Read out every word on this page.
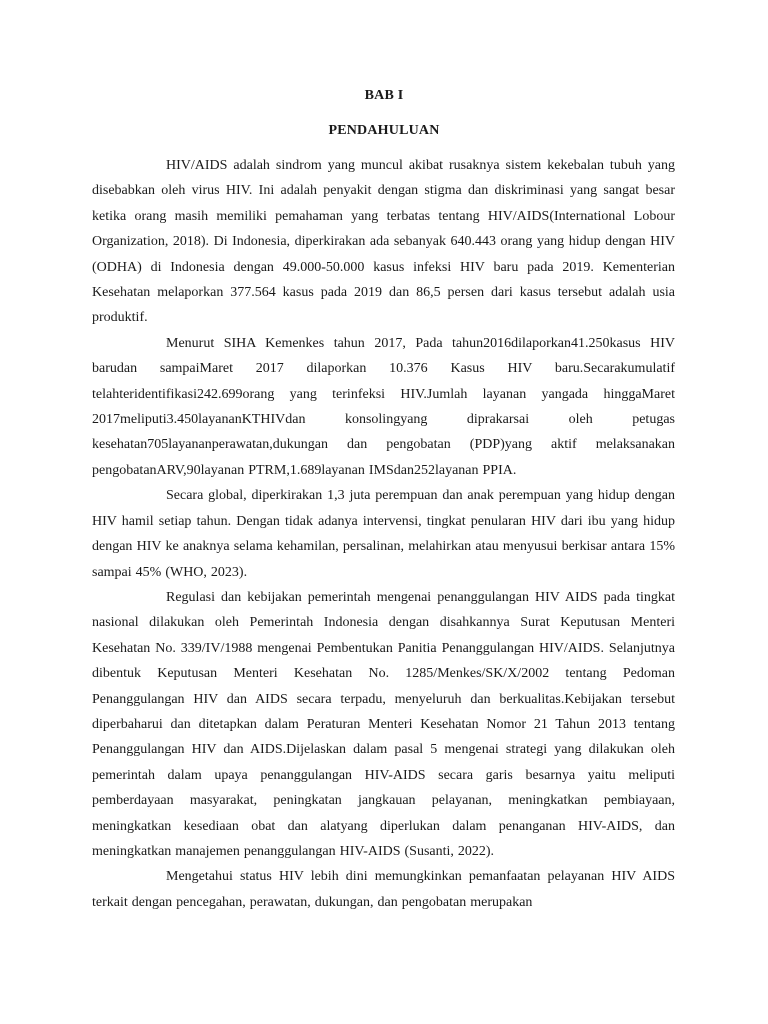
BAB I
PENDAHULUAN

HIV/AIDS adalah sindrom yang muncul akibat rusaknya sistem kekebalan tubuh yang disebabkan oleh virus HIV. Ini adalah penyakit dengan stigma dan diskriminasi yang sangat besar ketika orang masih memiliki pemahaman yang terbatas tentang HIV/AIDS(International Lobour Organization, 2018). Di Indonesia, diperkirakan ada sebanyak 640.443 orang yang hidup dengan HIV (ODHA) di Indonesia dengan 49.000-50.000 kasus infeksi HIV baru pada 2019. Kementerian Kesehatan melaporkan 377.564 kasus pada 2019 dan 86,5 persen dari kasus tersebut adalah usia produktif.

Menurut SIHA Kemenkes tahun 2017, Pada tahun2016dilaporkan41.250kasus HIV barudan sampaiMaret 2017 dilaporkan 10.376 Kasus HIV baru.Secarakumulatif telahteridentifikasi242.699orang yang terinfeksi HIV.Jumlah layanan yangada hinggaMaret 2017meliputi3.450layananKTHIVdan konsolingyang diprakarsai oleh petugas kesehatan705layananperawatan,dukungan dan pengobatan (PDP)yang aktif melaksanakan pengobatanARV,90layanan PTRM,1.689layanan IMSdan252layanan PPIA.

Secara global, diperkirakan 1,3 juta perempuan dan anak perempuan yang hidup dengan HIV hamil setiap tahun. Dengan tidak adanya intervensi, tingkat penularan HIV dari ibu yang hidup dengan HIV ke anaknya selama kehamilan, persalinan, melahirkan atau menyusui berkisar antara 15% sampai 45% (WHO, 2023).

Regulasi dan kebijakan pemerintah mengenai penanggulangan HIV AIDS pada tingkat nasional dilakukan oleh Pemerintah Indonesia dengan disahkannya Surat Keputusan Menteri Kesehatan No. 339/IV/1988 mengenai Pembentukan Panitia Penanggulangan HIV/AIDS. Selanjutnya dibentuk Keputusan Menteri Kesehatan No. 1285/Menkes/SK/X/2002 tentang Pedoman Penanggulangan HIV dan AIDS secara terpadu, menyeluruh dan berkualitas.Kebijakan tersebut diperbaharui dan ditetapkan dalam Peraturan Menteri Kesehatan Nomor 21 Tahun 2013 tentang Penanggulangan HIV dan AIDS.Dijelaskan dalam pasal 5 mengenai strategi yang dilakukan oleh pemerintah dalam upaya penanggulangan HIV-AIDS secara garis besarnya yaitu meliputi pemberdayaan masyarakat, peningkatan jangkauan pelayanan, meningkatkan pembiayaan, meningkatkan kesediaan obat dan alatyang diperlukan dalam penanganan HIV-AIDS, dan meningkatkan manajemen penanggulangan HIV-AIDS (Susanti, 2022).

Mengetahui status HIV lebih dini memungkinkan pemanfaatan pelayanan HIV AIDS terkait dengan pencegahan, perawatan, dukungan, dan pengobatan merupakan
